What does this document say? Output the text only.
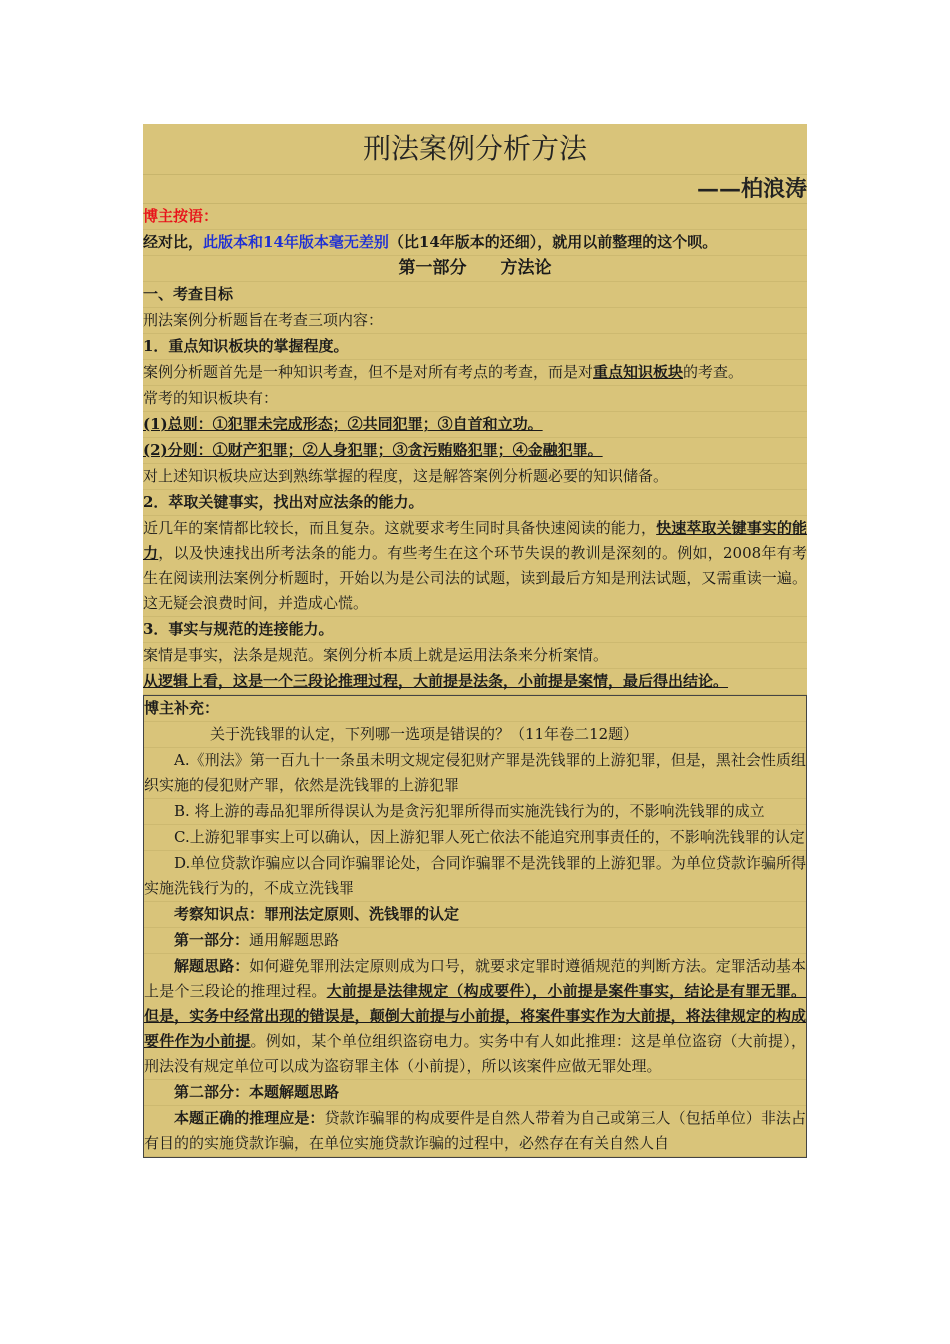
刑法案例分析方法
——柏浪涛
博主按语：
经对比，此版本和14年版本毫无差别（比14年版本的还细），就用以前整理的这个呗。
第一部分　　方法论
一、考查目标
刑法案例分析题旨在考查三项内容：
1．重点知识板块的掌握程度。
案例分析题首先是一种知识考查，但不是对所有考点的考查，而是对重点知识板块的考查。
常考的知识板块有：
(1)总则：①犯罪未完成形态；②共同犯罪；③自首和立功。
(2)分则：①财产犯罪；②人身犯罪；③贪污贿赂犯罪；④金融犯罪。
对上述知识板块应达到熟练掌握的程度，这是解答案例分析题必要的知识储备。
2．萃取关键事实，找出对应法条的能力。
近几年的案情都比较长，而且复杂。这就要求考生同时具备快速阅读的能力，快速萃取关键事实的能力，以及快速找出所考法条的能力。有些考生在这个环节失误的教训是深刻的。例如，2008年有考生在阅读刑法案例分析题时，开始以为是公司法的试题，读到最后方知是刑法试题，又需重读一遍。这无疑会浪费时间，并造成心慌。
3．事实与规范的连接能力。
案情是事实，法条是规范。案例分析本质上就是运用法条来分析案情。
从逻辑上看，这是一个三段论推理过程，大前提是法条，小前提是案情，最后得出结论。
博主补充：
关于洗钱罪的认定，下列哪一选项是错误的？（11年卷二12题）
A.《刑法》第一百九十一条虽未明文规定侵犯财产罪是洗钱罪的上游犯罪，但是，黑社会性质组织实施的侵犯财产罪，依然是洗钱罪的上游犯罪
B. 将上游的毒品犯罪所得误认为是贪污犯罪所得而实施洗钱行为的，不影响洗钱罪的成立
C.上游犯罪事实上可以确认，因上游犯罪人死亡依法不能追究刑事责任的，不影响洗钱罪的认定
D.单位贷款诈骗应以合同诈骗罪论处，合同诈骗罪不是洗钱罪的上游犯罪。为单位贷款诈骗所得实施洗钱行为的，不成立洗钱罪
考察知识点：罪刑法定原则、洗钱罪的认定
第一部分：通用解题思路
解题思路：如何避免罪刑法定原则成为口号，就要求定罪时遵循规范的判断方法。定罪活动基本上是个三段论的推理过程。大前提是法律规定（构成要件），小前提是案件事实，结论是有罪无罪。但是，实务中经常出现的错误是，颠倒大前提与小前提，将案件事实作为大前提，将法律规定的构成要件作为小前提。例如，某个单位组织盗窃电力。实务中有人如此推理：这是单位盗窃（大前提），刑法没有规定单位可以成为盗窃罪主体（小前提），所以该案件应做无罪处理。
第二部分：本题解题思路
本题正确的推理应是：贷款诈骗罪的构成要件是自然人带着为自己或第三人（包括单位）非法占有目的的实施贷款诈骗，在单位实施贷款诈骗的过程中，必然存在有关自然人自
